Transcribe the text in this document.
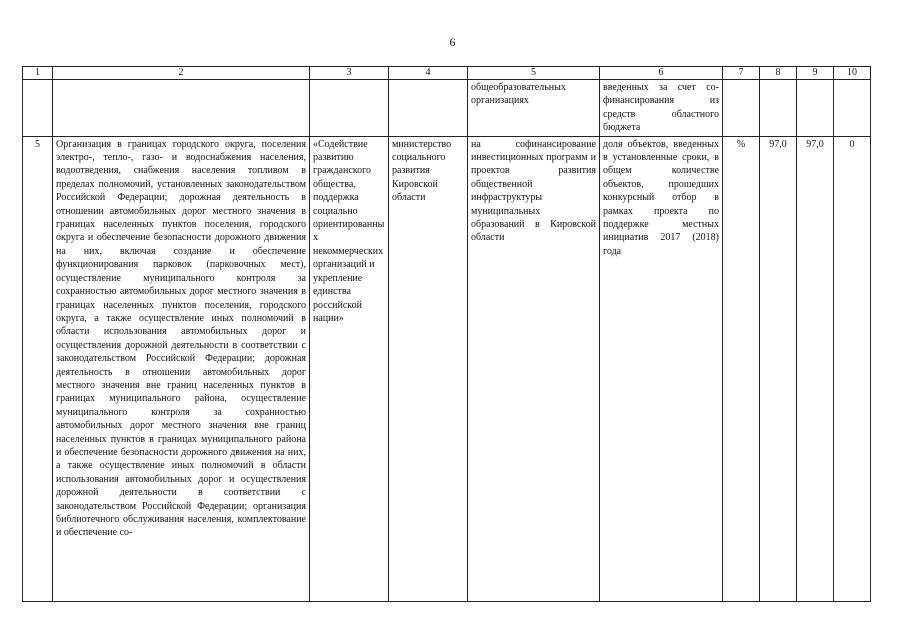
6
1	2	3	4	5	6	7	8	9	10
				общеобразовательных организациях	введенных за счет со-финансирования из средств областного бюджета				
5	Организация в границах городского округа, поселения электро-, тепло-, газо- и водоснабжения населения, водоотведения, снабжения населения топливом в пределах полномочий, установленных законодательством Российской Федерации; дорожная деятельность в отношении автомобильных дорог местного значения в границах населенных пунктов поселения, городского округа и обеспечение безопасности дорожного движения на них, включая создание и обеспечение функционирования парковок (парковочных мест), осуществление муниципального контроля за сохранностью автомобильных дорог местного значения в границах населенных пунктов поселения, городского округа, а также осуществление иных полномочий в области использования автомобильных дорог и осуществления дорожной деятельности в соответствии с законодательством Российской Федерации; дорожная деятельность в отношении автомобильных дорог местного значения вне границ населенных пунктов в границах муниципального района, осуществление муниципального контроля за сохранностью автомобильных дорог местного значения вне границ населенных пунктов в границах муниципального района и обеспечение безопасности дорожного движения на них, а также осуществление иных полномочий в области использования автомобильных дорог и осуществления дорожной деятельности в соответствии с законодательством Российской Федерации; организация библиотечного обслуживания населения, комплектование и обеспечение со-	«Содействие развитию гражданского общества, поддержка социально ориентированных некоммерческих организаций и укрепление единства российской нации»	министерство социального развития Кировской области	на софинансирование инвестиционных программ и проектов развития общественной инфраструктуры муниципальных образований в Кировской области	доля объектов, введенных в установленные сроки, в общем количестве объектов, прошедших конкурсный отбор в рамках проекта по поддержке местных инициатив 2017 (2018) года	%	97,0	97,0	0
